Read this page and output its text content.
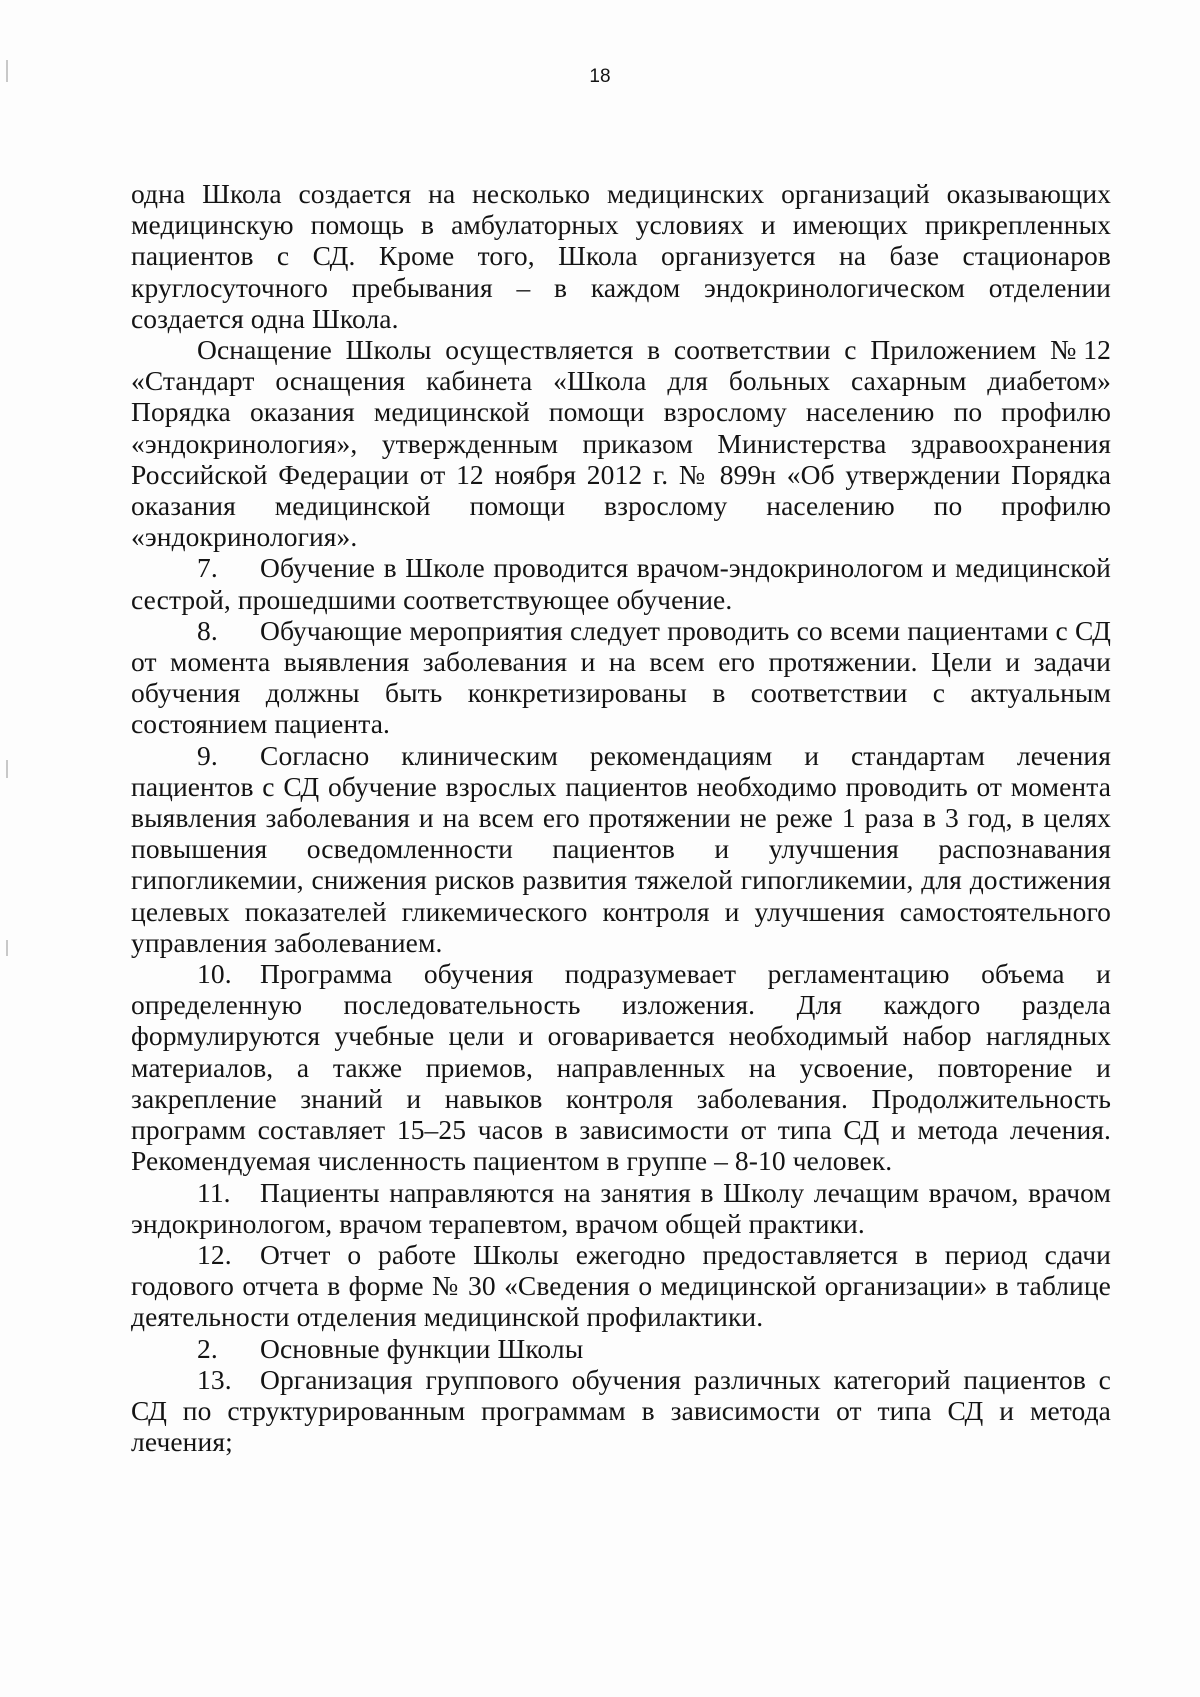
18

одна Школа создается на несколько медицинских организаций оказывающих медицинскую помощь в амбулаторных условиях и имеющих прикрепленных пациентов с СД. Кроме того, Школа организуется на базе стационаров круглосуточного пребывания – в каждом эндокринологическом отделении создается одна Школа.

Оснащение Школы осуществляется в соответствии с Приложением №12 «Стандарт оснащения кабинета «Школа для больных сахарным диабетом» Порядка оказания медицинской помощи взрослому населению по профилю «эндокринология», утвержденным приказом Министерства здравоохранения Российской Федерации от 12 ноября 2012 г. № 899н «Об утверждении Порядка оказания медицинской помощи взрослому населению по профилю «эндокринология».

7. Обучение в Школе проводится врачом-эндокринологом и медицинской сестрой, прошедшими соответствующее обучение.

8. Обучающие мероприятия следует проводить со всеми пациентами с СД от момента выявления заболевания и на всем его протяжении. Цели и задачи обучения должны быть конкретизированы в соответствии с актуальным состоянием пациента.

9. Согласно клиническим рекомендациям и стандартам лечения пациентов с СД обучение взрослых пациентов необходимо проводить от момента выявления заболевания и на всем его протяжении не реже 1 раза в 3 год, в целях повышения осведомленности пациентов и улучшения распознавания гипогликемии, снижения рисков развития тяжелой гипогликемии, для достижения целевых показателей гликемического контроля и улучшения самостоятельного управления заболеванием.

10. Программа обучения подразумевает регламентацию объема и определенную последовательность изложения. Для каждого раздела формулируются учебные цели и оговаривается необходимый набор наглядных материалов, а также приемов, направленных на усвоение, повторение и закрепление знаний и навыков контроля заболевания. Продолжительность программ составляет 15–25 часов в зависимости от типа СД и метода лечения. Рекомендуемая численность пациентом в группе – 8-10 человек.

11. Пациенты направляются на занятия в Школу лечащим врачом, врачом эндокринологом, врачом терапевтом, врачом общей практики.

12. Отчет о работе Школы ежегодно предоставляется в период сдачи годового отчета в форме № 30 «Сведения о медицинской организации» в таблице деятельности отделения медицинской профилактики.

2. Основные функции Школы

13. Организация группового обучения различных категорий пациентов с СД по структурированным программам в зависимости от типа СД и метода лечения;
